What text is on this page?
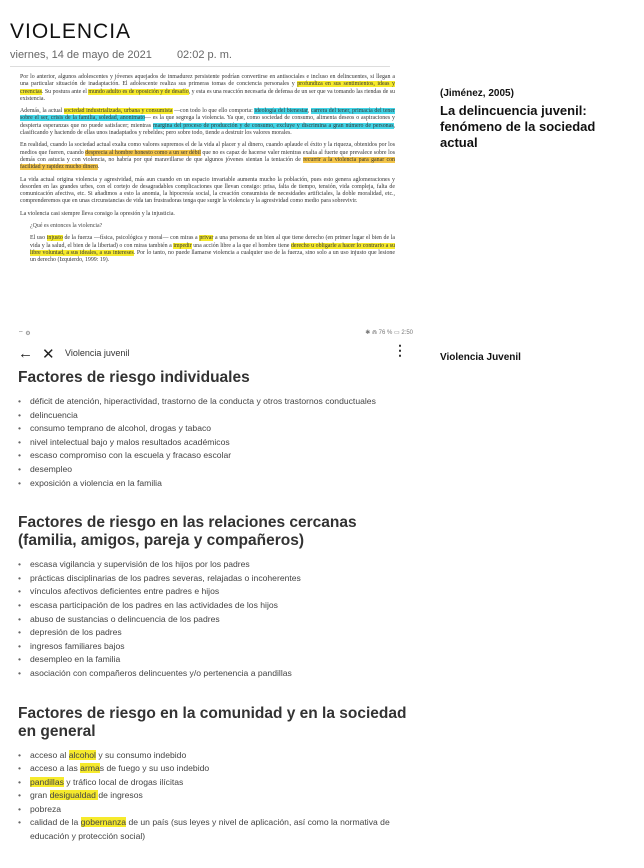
VIOLENCIA
viernes, 14 de mayo de 2021 02:02 p. m.

Por lo anterior, algunos adolescentes y jóvenes aquejados de inmadurez persistente podrían convertirse en antisociales e incluso en delincuentes, si llegan a una particular situación de inadaptación. El adolescente realiza sus primeras tomas de conciencia personales y profundiza en sus sentimientos, ideas y creencias. Su postura ante el mundo adulto es de oposición y de desafío, y esta es una reacción necesaria de defensa de un ser que va tomando las riendas de su existencia.

Además, la actual sociedad industrializada, urbana y consumista —con todo lo que ello comporta: ideología del bienestar, carrera del tener, primacía del tener sobre el ser, crisis de la familia, soledad, anonimato— es la que segrega la violencia. Ya que, como sociedad de consumo, alimenta deseos o aspiraciones y despierta esperanzas que no puede satisfacer; mientras margina del proceso de producción y de consumo, excluye y discrimina a gran número de personas, clasificando y haciendo de ellas unos inadaptados y rebeldes; pero sobre todo, tiende a destruir los valores morales.

En realidad, cuando la sociedad actual exalta como valores supremos el de la vida al placer y al dinero, cuando aplaude el éxito y la riqueza, obtenidos por los medios que fueren, cuando desprecia al hombre honesto como a un ser débil que no es capaz de hacerse valer mientras exalta al fuerte que prevalece sobre los demás con astucia y con violencia, no habría por qué maravillarse de que algunos jóvenes sientan la tentación de recurrir a la violencia para ganar con facilidad y rapidez mucho dinero.

La vida actual origina violencia y agresividad, más aun cuando en un espacio invariable aumenta mucho la población, pues esto genera aglomeraciones y desorden en las grandes urbes, con el cortejo de desagradables complicaciones que llevan consigo: prisa, falta de tiempo, tensión, vida compleja, falta de comunicación afectiva, etc. Si añadimos a esto la anomia, la hipocresía social, la creación consumista de necesidades artificiales, la doble moralidad, etc., comprenderemos que en unas circunstancias de vida tan frustradoras tenga que surgir la violencia y la agresividad como medio para sobrevivir.

La violencia casi siempre lleva consigo la opresión y la injusticia.

¿Qué es entonces la violencia?

El uso injusto de la fuerza —física, psicológica y moral— con miras a privar a una persona de un bien al que tiene derecho (en primer lugar el bien de la vida y la salud, el bien de la libertad) o con miras también a impedir una acción libre a la que el hombre tiene derecho u obligarle a hacer lo contrario a su libre voluntad, a sus ideales, a sus intereses. Por lo tanto, no puede llamarse violencia a cualquier uso de la fuerza, sino solo a un uso injusto que lesione un derecho (Izquierdo, 1999: 19).

(Jiménez, 2005)
La delincuencia juvenil: fenómeno de la sociedad actual
Violencia Juvenil
⌔ ⚙	✱ ⋒ 76 % ▭ 2:50
← ✕ Violencia juvenil	⋮
Factores de riesgo individuales
• déficit de atención, hiperactividad, trastorno de la conducta y otros trastornos conductuales
• delincuencia
• consumo temprano de alcohol, drogas y tabaco
• nivel intelectual bajo y malos resultados académicos
• escaso compromiso con la escuela y fracaso escolar
• desempleo
• exposición a violencia en la familia
Factores de riesgo en las relaciones cercanas (familia, amigos, pareja y compañeros)
• escasa vigilancia y supervisión de los hijos por los padres
• prácticas disciplinarias de los padres severas, relajadas o incoherentes
• vínculos afectivos deficientes entre padres e hijos
• escasa participación de los padres en las actividades de los hijos
• abuso de sustancias o delincuencia de los padres
• depresión de los padres
• ingresos familiares bajos
• desempleo en la familia
• asociación con compañeros delincuentes y/o pertenencia a pandillas
Factores de riesgo en la comunidad y en la sociedad en general
• acceso al alcohol y su consumo indebido
• acceso a las armas de fuego y su uso indebido
• pandillas y tráfico local de drogas ilícitas
• gran desigualdad de ingresos
• pobreza
• calidad de la gobernanza de un país (sus leyes y nivel de aplicación, así como la normativa de educación y protección social)
